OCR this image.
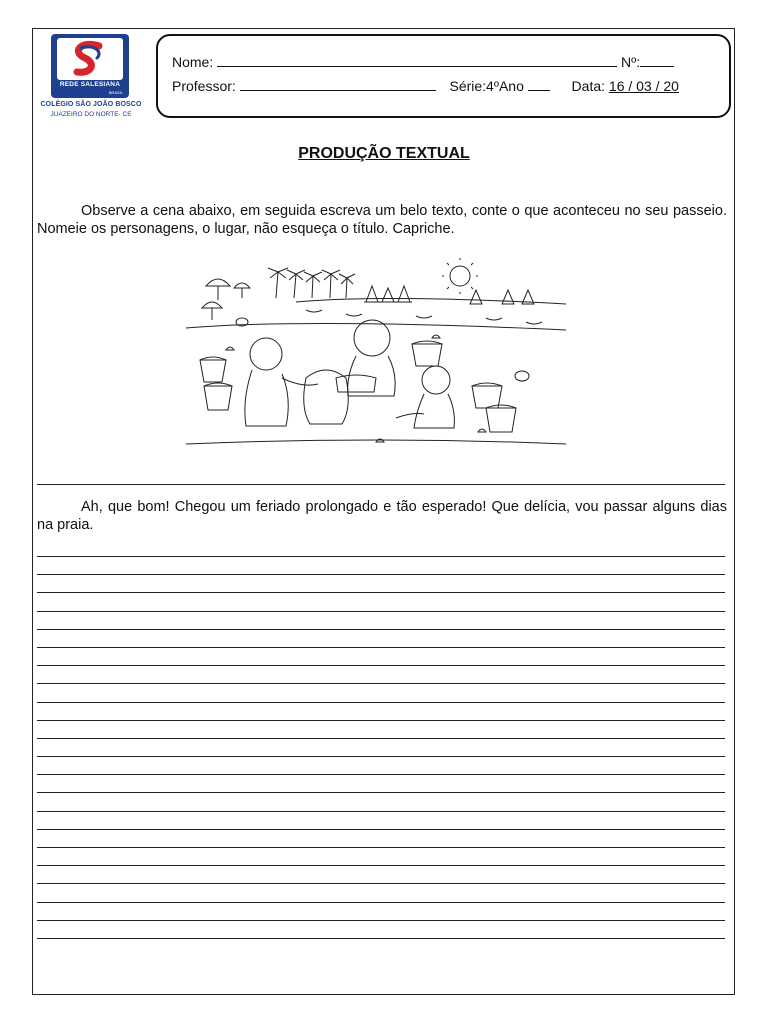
REDE SALESIANA
BRASIL
COLÉGIO SÃO JOÃO BOSCO
JUAZEIRO DO NORTE- CE
Nome:	Nº:
Professor:	Série:4ºAno	Data: 16 / 03 / 20
PRODUÇÃO TEXTUAL
Observe a cena abaixo, em seguida escreva um belo texto, conte o que aconteceu no seu passeio. Nomeie os personagens, o lugar, não esqueça o título. Capriche.
Ah, que bom! Chegou um feriado prolongado e tão esperado! Que delícia, vou passar alguns dias na praia.
